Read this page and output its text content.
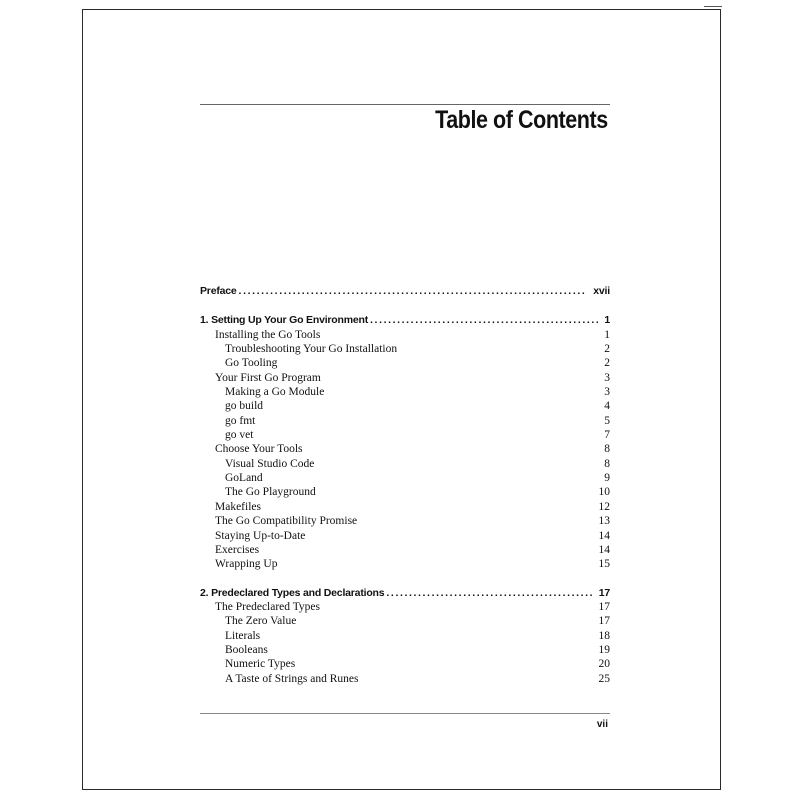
Table of Contents
Preface .....	xvii
1. Setting Up Your Go Environment .....	1
Installing the Go Tools	1
Troubleshooting Your Go Installation	2
Go Tooling	2
Your First Go Program	3
Making a Go Module	3
go build	4
go fmt	5
go vet	7
Choose Your Tools	8
Visual Studio Code	8
GoLand	9
The Go Playground	10
Makefiles	12
The Go Compatibility Promise	13
Staying Up-to-Date	14
Exercises	14
Wrapping Up	15
2. Predeclared Types and Declarations .....	17
The Predeclared Types	17
The Zero Value	17
Literals	18
Booleans	19
Numeric Types	20
A Taste of Strings and Runes	25
vii
